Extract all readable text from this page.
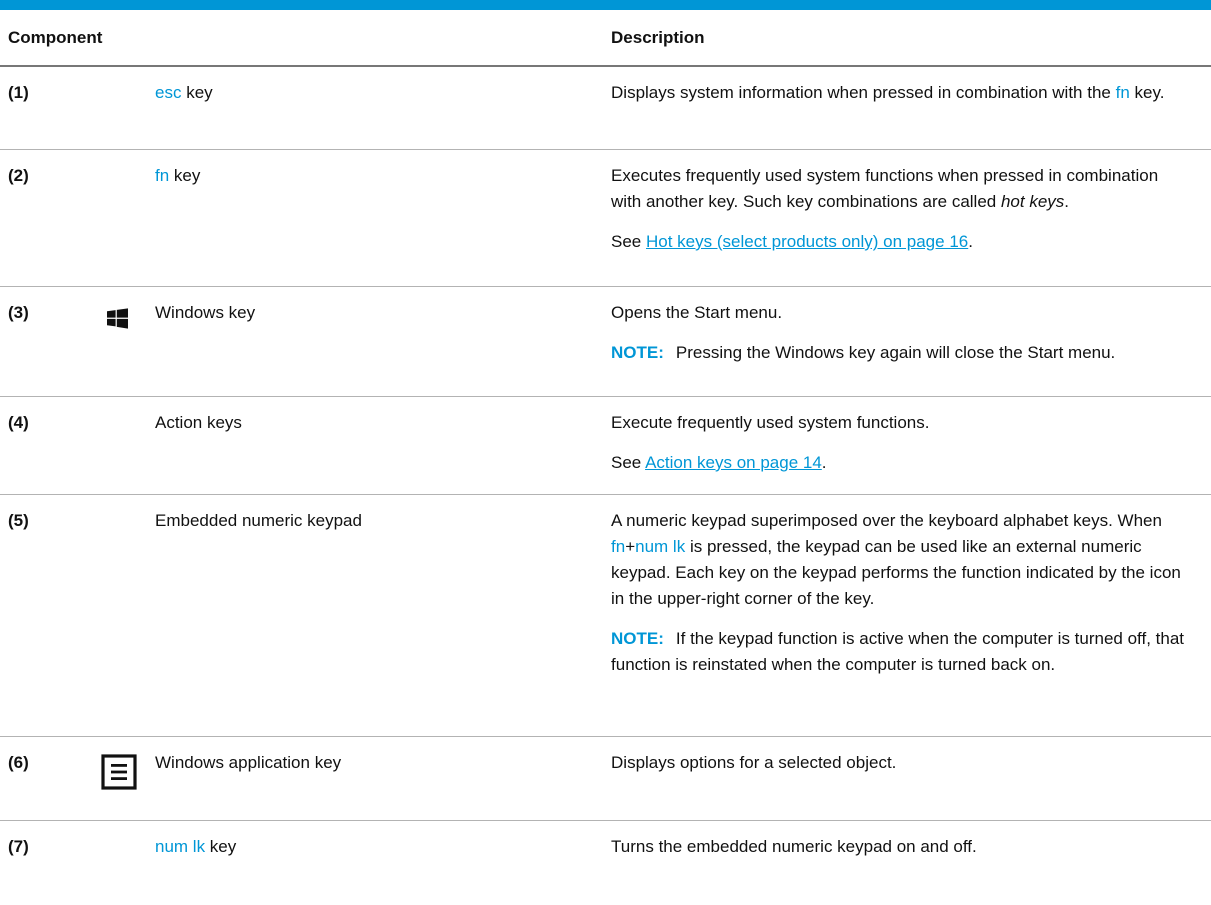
Component			Description
(1)		esc key	Displays system information when pressed in combination with the fn key.

(2)		fn key	Executes frequently used system functions when pressed in combination with another key. Such key combinations are called hot keys.

See Hot keys (select products only) on page 16.

(3)		Windows key	Opens the Start menu.

NOTE: Pressing the Windows key again will close the Start menu.

(4)		Action keys	Execute frequently used system functions.

See Action keys on page 14.

(5)		Embedded numeric keypad	A numeric keypad superimposed over the keyboard alphabet keys. When fn+num lk is pressed, the keypad can be used like an external numeric keypad. Each key on the keypad performs the function indicated by the icon in the upper-right corner of the key.

NOTE: If the keypad function is active when the computer is turned off, that function is reinstated when the computer is turned back on.

(6)		Windows application key	Displays options for a selected object.

(7)		num lk key	Turns the embedded numeric keypad on and off.
